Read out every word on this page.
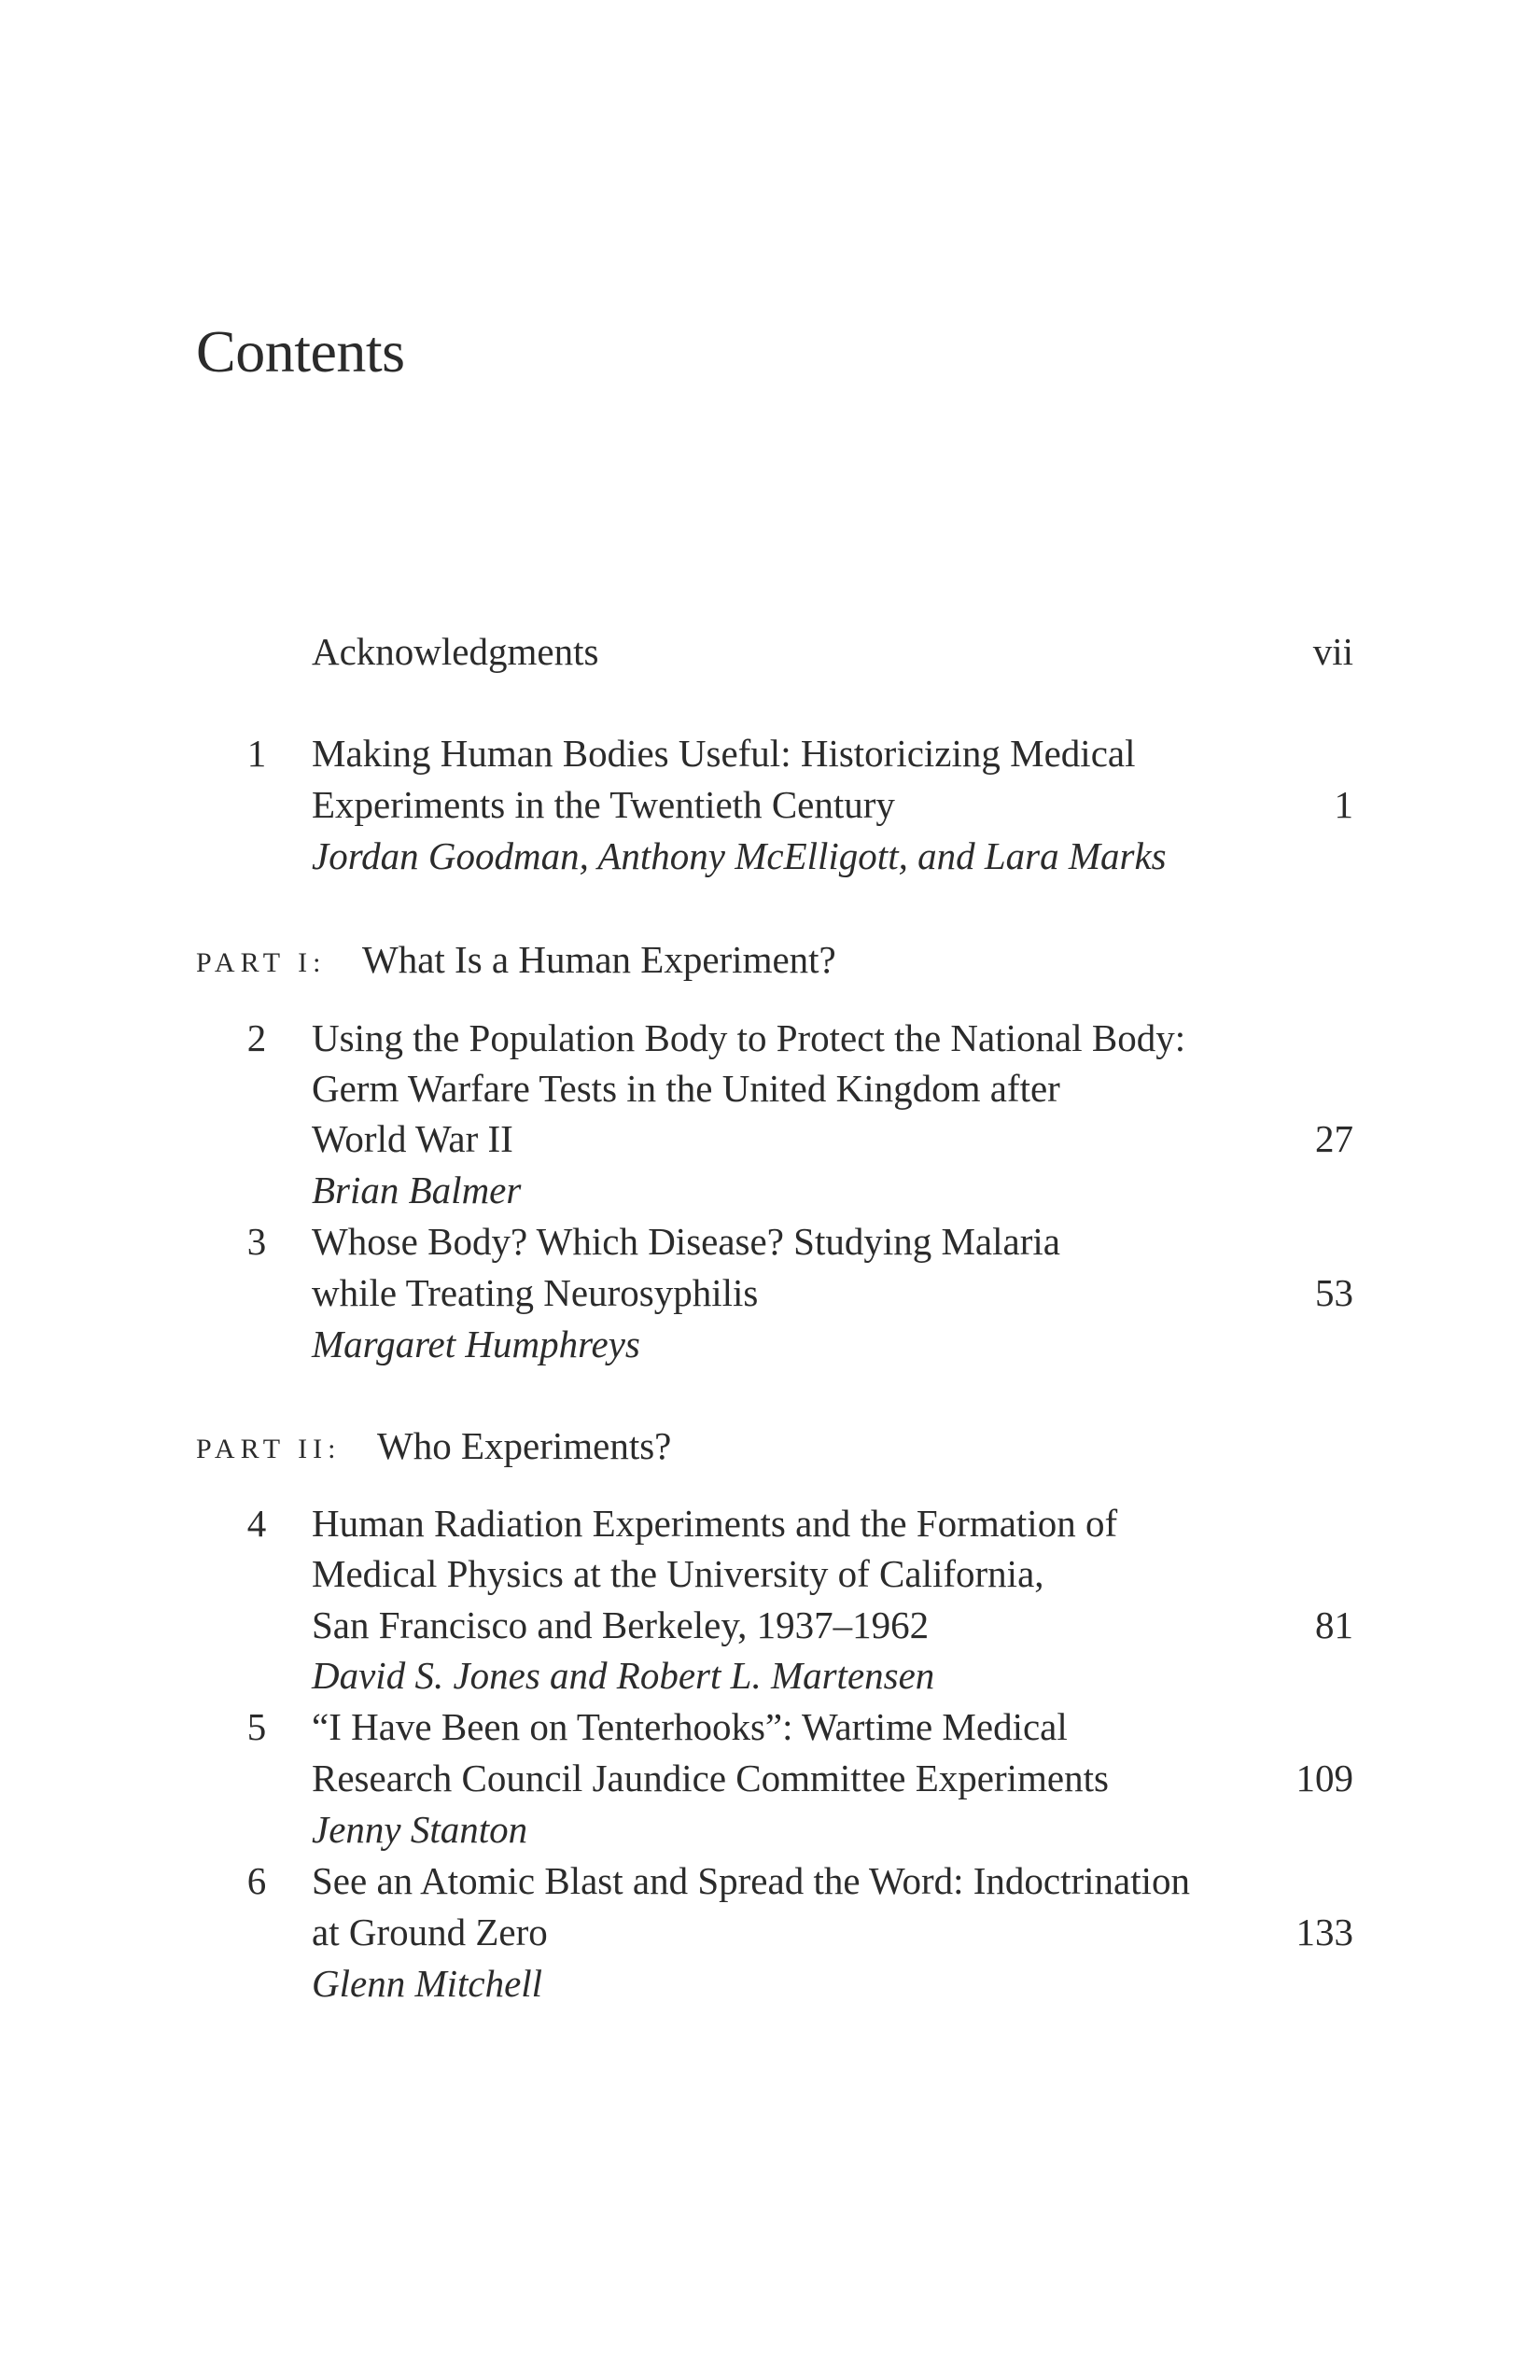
Contents
Acknowledgments	vii
1 Making Human Bodies Useful: Historicizing Medical
Experiments in the Twentieth Century	1
Jordan Goodman, Anthony McElligott, and Lara Marks
PART I: What Is a Human Experiment?
2 Using the Population Body to Protect the National Body:
Germ Warfare Tests in the United Kingdom after
World War II	27
Brian Balmer
3 Whose Body? Which Disease? Studying Malaria
while Treating Neurosyphilis	53
Margaret Humphreys
PART II: Who Experiments?
4 Human Radiation Experiments and the Formation of
Medical Physics at the University of California,
San Francisco and Berkeley, 1937–1962	81
David S. Jones and Robert L. Martensen
5 “I Have Been on Tenterhooks”: Wartime Medical
Research Council Jaundice Committee Experiments	109
Jenny Stanton
6 See an Atomic Blast and Spread the Word: Indoctrination
at Ground Zero	133
Glenn Mitchell
